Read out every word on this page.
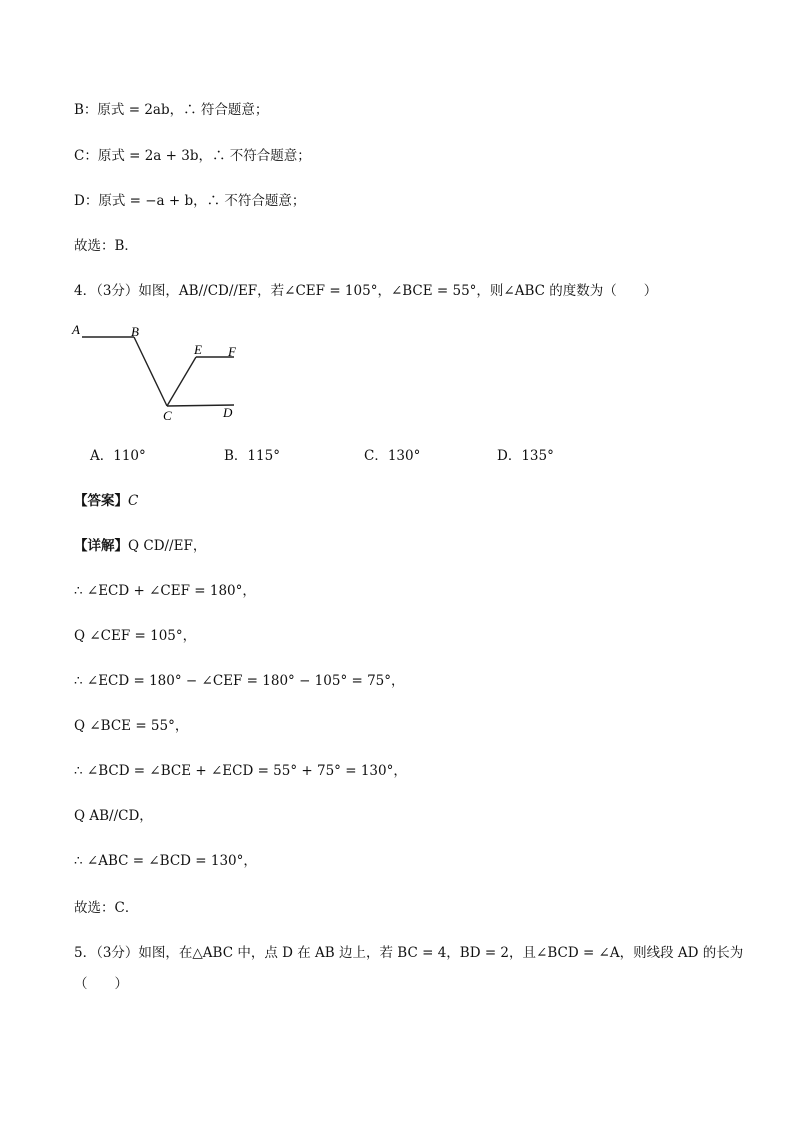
B：原式 = 2ab，∴ 符合题意；
C：原式 = 2a + 3b，∴ 不符合题意；
D：原式 = −a + b，∴ 不符合题意；
故选：B．
4．（3分）如图，AB//CD//EF，若∠CEF = 105°，∠BCE = 55°，则∠ABC 的度数为（　　）
A	B
C	D
E F
A．110°	B．115°	C．130°	D．135°
【答案】C
【详解】Q CD//EF，
∴ ∠ECD + ∠CEF = 180°，
Q ∠CEF = 105°，
∴ ∠ECD = 180° − ∠CEF = 180° − 105° = 75°，
Q ∠BCE = 55°，
∴ ∠BCD = ∠BCE + ∠ECD = 55° + 75° = 130°，
Q AB//CD，
∴ ∠ABC = ∠BCD = 130°，
故选：C．
5．（3分）如图，在△ABC 中，点 D 在 AB 边上，若 BC = 4，BD = 2，且∠BCD = ∠A，则线段 AD 的长为
（　　）
